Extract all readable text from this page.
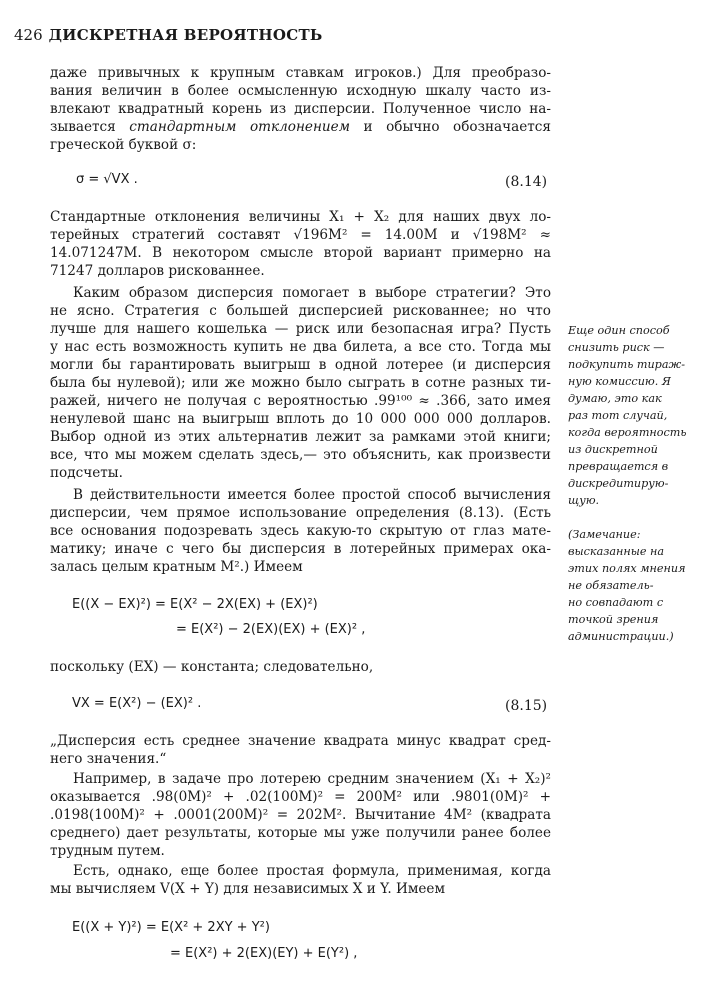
426 ДИСКРЕТНАЯ ВЕРОЯТНОСТЬ
даже привычных к крупным ставкам игроков.) Для преобразо-
вания величин в более осмысленную исходную шкалу часто из-
влекают квадратный корень из дисперсии. Полученное число на-
зывается стандартным отклонением и обычно обозначается
греческой буквой σ:
σ = √VX .	(8.14)
Стандартные отклонения величины X₁ + X₂ для наших двух ло-
терейных стратегий составят √196M² = 14.00M и √198M² ≈
14.071247M. В некотором смысле второй вариант примерно на
71247 долларов рискованнее.
Каким образом дисперсия помогает в выборе стратегии? Это
не ясно. Стратегия с большей дисперсией рискованнее; но что
лучше для нашего кошелька — риск или безопасная игра? Пусть
у нас есть возможность купить не два билета, а все сто. Тогда мы
могли бы гарантировать выигрыш в одной лотерее (и дисперсия
была бы нулевой); или же можно было сыграть в сотне разных ти-
ражей, ничего не получая с вероятностью .99¹⁰⁰ ≈ .366, зато имея
ненулевой шанс на выигрыш вплоть до 10 000 000 000 долларов.
Выбор одной из этих альтернатив лежит за рамками этой книги;
все, что мы можем сделать здесь,— это объяснить, как произвести
подсчеты.
В действительности имеется более простой способ вычисления
дисперсии, чем прямое использование определения (8.13). (Есть
все основания подозревать здесь какую-то скрытую от глаз мате-
матику; иначе с чего бы дисперсия в лотерейных примерах ока-
залась целым кратным M².) Имеем
E((X − EX)²) = E(X² − 2X(EX) + (EX)²)
= E(X²) − 2(EX)(EX) + (EX)² ,
поскольку (EX) — константа; следовательно,
VX = E(X²) − (EX)² .	(8.15)
„Дисперсия есть среднее значение квадрата минус квадрат сред-
него значения.“
Например, в задаче про лотерею средним значением (X₁ + X₂)²
оказывается .98(0M)² + .02(100M)² = 200M² или .9801(0M)² +
.0198(100M)² + .0001(200M)² = 202M². Вычитание 4M² (квадрата
среднего) дает результаты, которые мы уже получили ранее более
трудным путем.
Есть, однако, еще более простая формула, применимая, когда
мы вычисляем V(X + Y) для независимых X и Y. Имеем
E((X + Y)²) = E(X² + 2XY + Y²)
= E(X²) + 2(EX)(EY) + E(Y²) ,
Еще один способ
снизить риск —
подкупить тираж-
ную комиссию. Я
думаю, это как
раз тот случай,
когда вероятность
из дискретной
превращается в
дискредитирую-
щую.
(Замечание:
высказанные на
этих полях мнения
не обязатель-
но совпадают с
точкой зрения
администрации.)
